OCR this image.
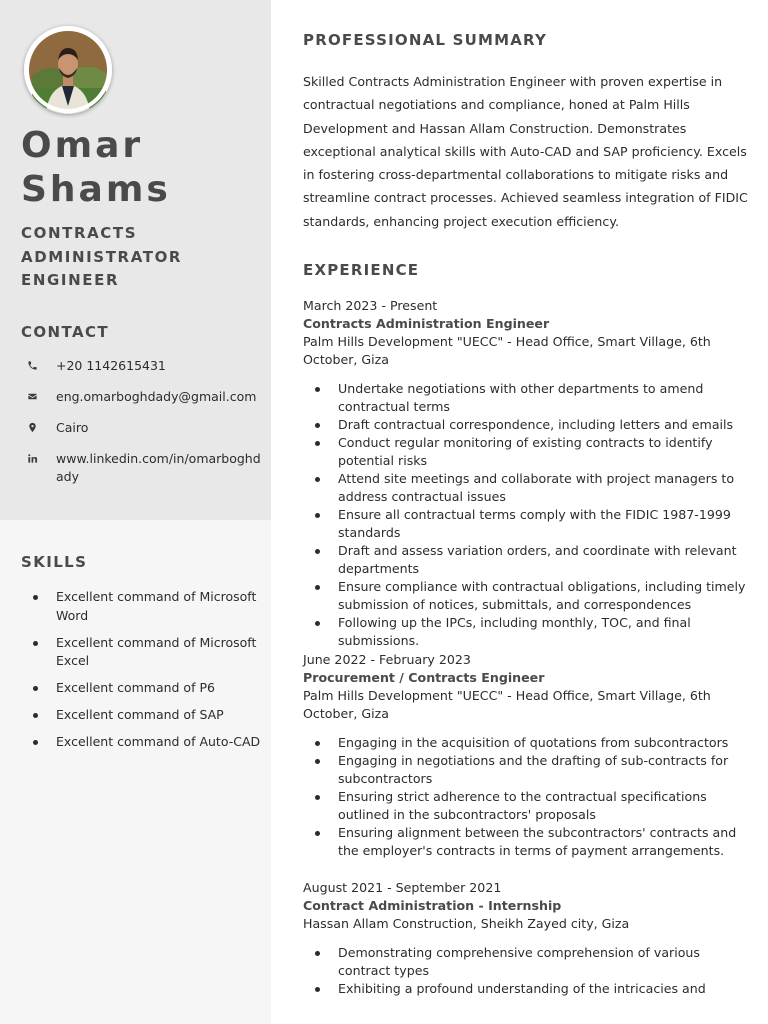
Omar
Shams
CONTRACTS
ADMINISTRATOR
ENGINEER
CONTACT
+20 1142615431
eng.omarboghdady@gmail.com
Cairo
www.linkedin.com/in/omarboghdady
SKILLS
Excellent command of Microsoft Word
Excellent command of Microsoft Excel
Excellent command of P6
Excellent command of SAP
Excellent command of Auto-CAD
PROFESSIONAL SUMMARY

Skilled Contracts Administration Engineer with proven expertise in contractual negotiations and compliance, honed at Palm Hills Development and Hassan Allam Construction. Demonstrates exceptional analytical skills with Auto-CAD and SAP proficiency. Excels in fostering cross-departmental collaborations to mitigate risks and streamline contract processes. Achieved seamless integration of FIDIC standards, enhancing project execution efficiency.

EXPERIENCE
March 2023 - Present
Contracts Administration Engineer
Palm Hills Development "UECC" - Head Office, Smart Village, 6th October, Giza
Undertake negotiations with other departments to amend contractual terms
Draft contractual correspondence, including letters and emails
Conduct regular monitoring of existing contracts to identify potential risks
Attend site meetings and collaborate with project managers to address contractual issues
Ensure all contractual terms comply with the FIDIC 1987-1999 standards
Draft and assess variation orders, and coordinate with relevant departments
Ensure compliance with contractual obligations, including timely submission of notices, submittals, and correspondences
Following up the IPCs, including monthly, TOC, and final submissions.
June 2022 - February 2023
Procurement / Contracts Engineer
Palm Hills Development "UECC" - Head Office, Smart Village, 6th October, Giza
Engaging in the acquisition of quotations from subcontractors
Engaging in negotiations and the drafting of sub-contracts for subcontractors
Ensuring strict adherence to the contractual specifications outlined in the subcontractors' proposals
Ensuring alignment between the subcontractors' contracts and the employer's contracts in terms of payment arrangements.
August 2021 - September 2021
Contract Administration - Internship
Hassan Allam Construction, Sheikh Zayed city, Giza
Demonstrating comprehensive comprehension of various contract types
Exhibiting a profound understanding of the intricacies and
